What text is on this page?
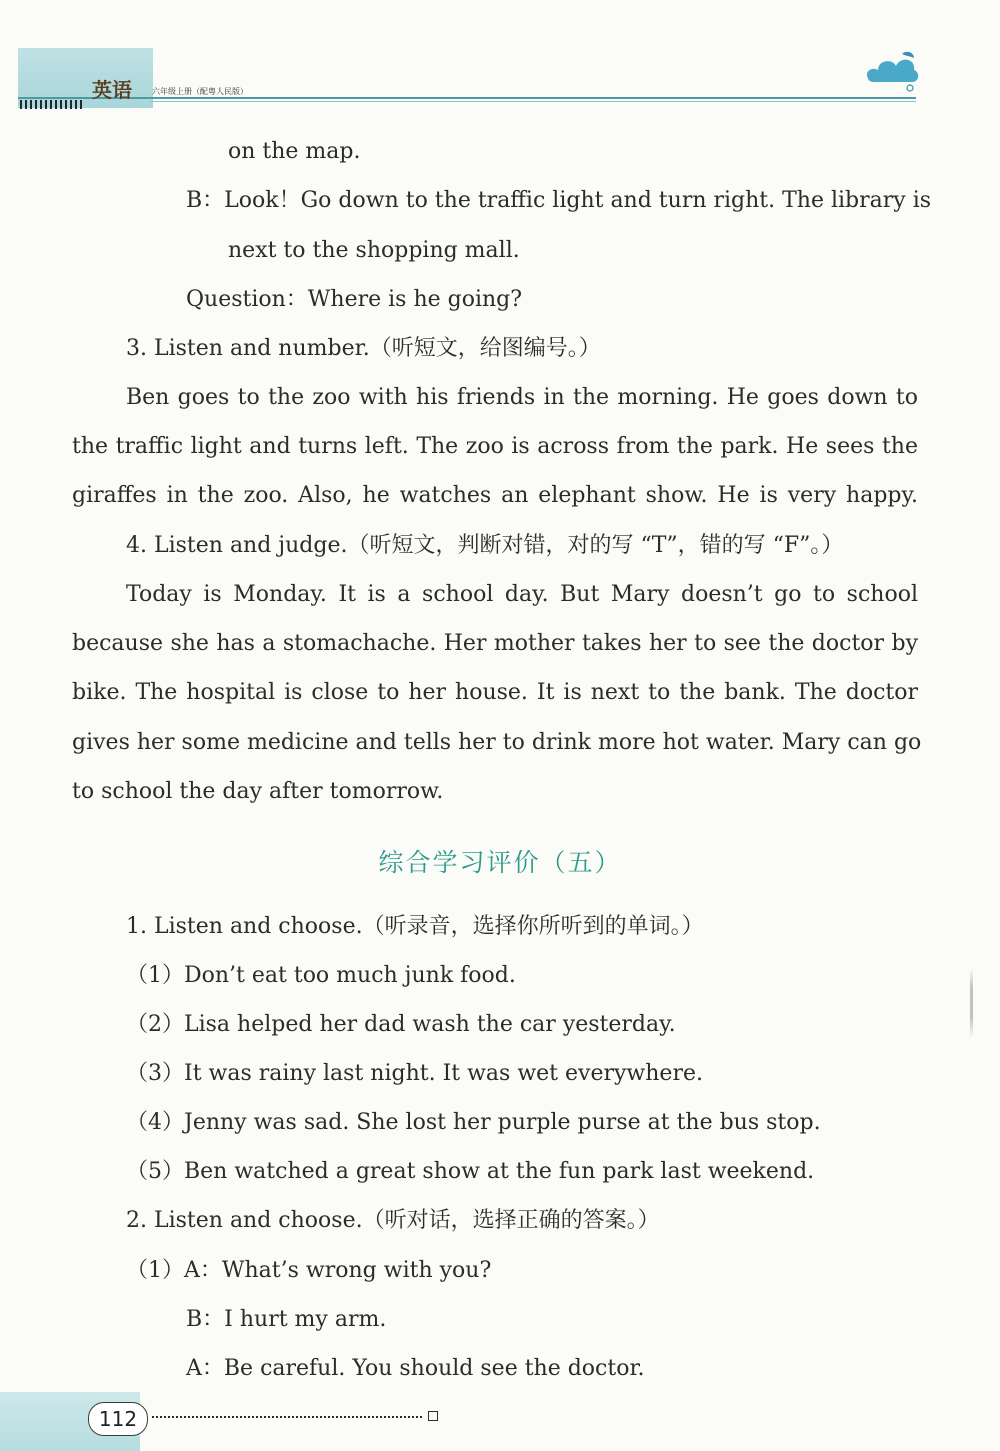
英语	六年级上册（配粤人民版）
on the map.
B：Look！Go down to the traffic light and turn right. The library is
next to the shopping mall.
Question：Where is he going?
3. Listen and number.（听短文，给图编号。）
Ben goes to the zoo with his friends in the morning. He goes down to
the traffic light and turns left. The zoo is across from the park. He sees the
giraffes in the zoo. Also, he watches an elephant show. He is very happy.
4. Listen and judge.（听短文，判断对错，对的写 “T”，错的写 “F”。）
Today is Monday. It is a school day. But Mary doesn’t go to school
because she has a stomachache. Her mother takes her to see the doctor by
bike. The hospital is close to her house. It is next to the bank. The doctor
gives her some medicine and tells her to drink more hot water. Mary can go
to school the day after tomorrow.
综合学习评价（五）
1. Listen and choose.（听录音，选择你所听到的单词。）
（1）Don’t eat too much junk food.
（2）Lisa helped her dad wash the car yesterday.
（3）It was rainy last night. It was wet everywhere.
（4）Jenny was sad. She lost her purple purse at the bus stop.
（5）Ben watched a great show at the fun park last weekend.
2. Listen and choose.（听对话，选择正确的答案。）
（1）A：What’s wrong with you?
B：I hurt my arm.
A：Be careful. You should see the doctor.
112
